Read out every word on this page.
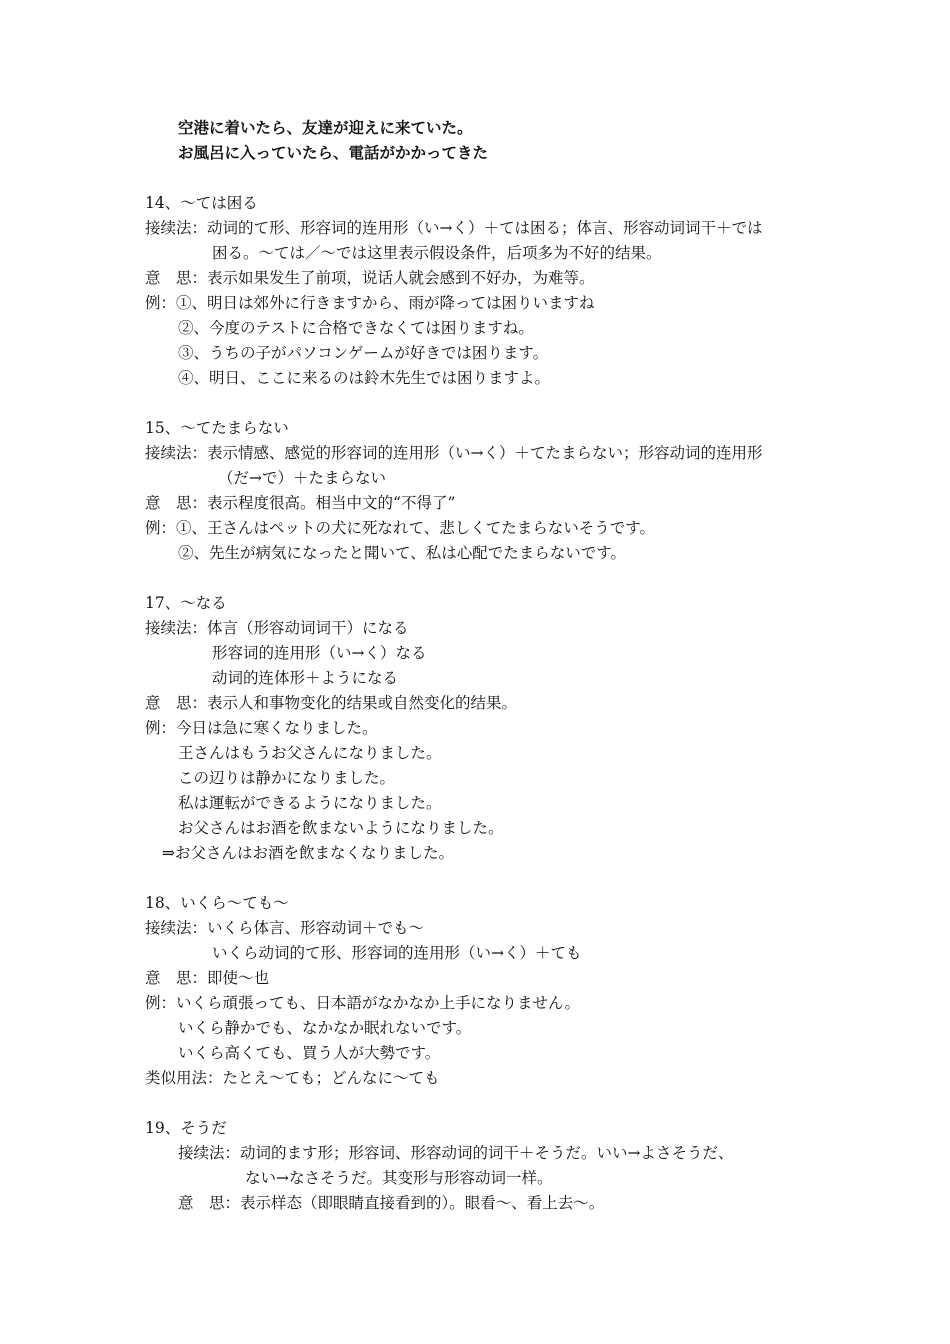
空港に着いたら、友達が迎えに来ていた。
お風呂に入っていたら、電話がかかってきた
14、～ては困る
接续法：动词的て形、形容词的连用形（い→く）＋ては困る；体言、形容动词词干＋では
困る。～ては／～では这里表示假设条件，后项多为不好的结果。
意　思：表示如果发生了前项，说话人就会感到不好办，为难等。
例：①、明日は郊外に行きますから、雨が降っては困りいますね
②、今度のテストに合格できなくては困りますね。
③、うちの子がパソコンゲームが好きでは困ります。
④、明日、ここに来るのは鈴木先生では困りますよ。
15、～てたまらない
接续法：表示情感、感觉的形容词的连用形（い→く）＋てたまらない；形容动词的连用形
（だ→で）＋たまらない
意　思：表示程度很高。相当中文的“不得了”
例：①、王さんはペットの犬に死なれて、悲しくてたまらないそうです。
②、先生が病気になったと聞いて、私は心配でたまらないです。
17、～なる
接续法：体言（形容动词词干）になる
形容词的连用形（い→く）なる
动词的连体形＋ようになる
意　思：表示人和事物变化的结果或自然变化的结果。
例：今日は急に寒くなりました。
王さんはもうお父さんになりました。
この辺りは静かになりました。
私は運転ができるようになりました。
お父さんはお酒を飲まないようになりました。
⇒お父さんはお酒を飲まなくなりました。
18、いくら～ても～
接续法：いくら体言、形容动词＋でも～
いくら动词的て形、形容词的连用形（い→く）＋ても
意　思：即使～也
例：いくら頑張っても、日本語がなかなか上手になりません。
いくら静かでも、なかなか眠れないです。
いくら高くても、買う人が大勢です。
类似用法：たとえ～ても；どんなに～ても
19、そうだ
接续法：动词的ます形；形容词、形容动词的词干＋そうだ。いい→よさそうだ、
ない→なさそうだ。其变形与形容动词一样。
意　思：表示样态（即眼睛直接看到的）。眼看～、看上去～。
